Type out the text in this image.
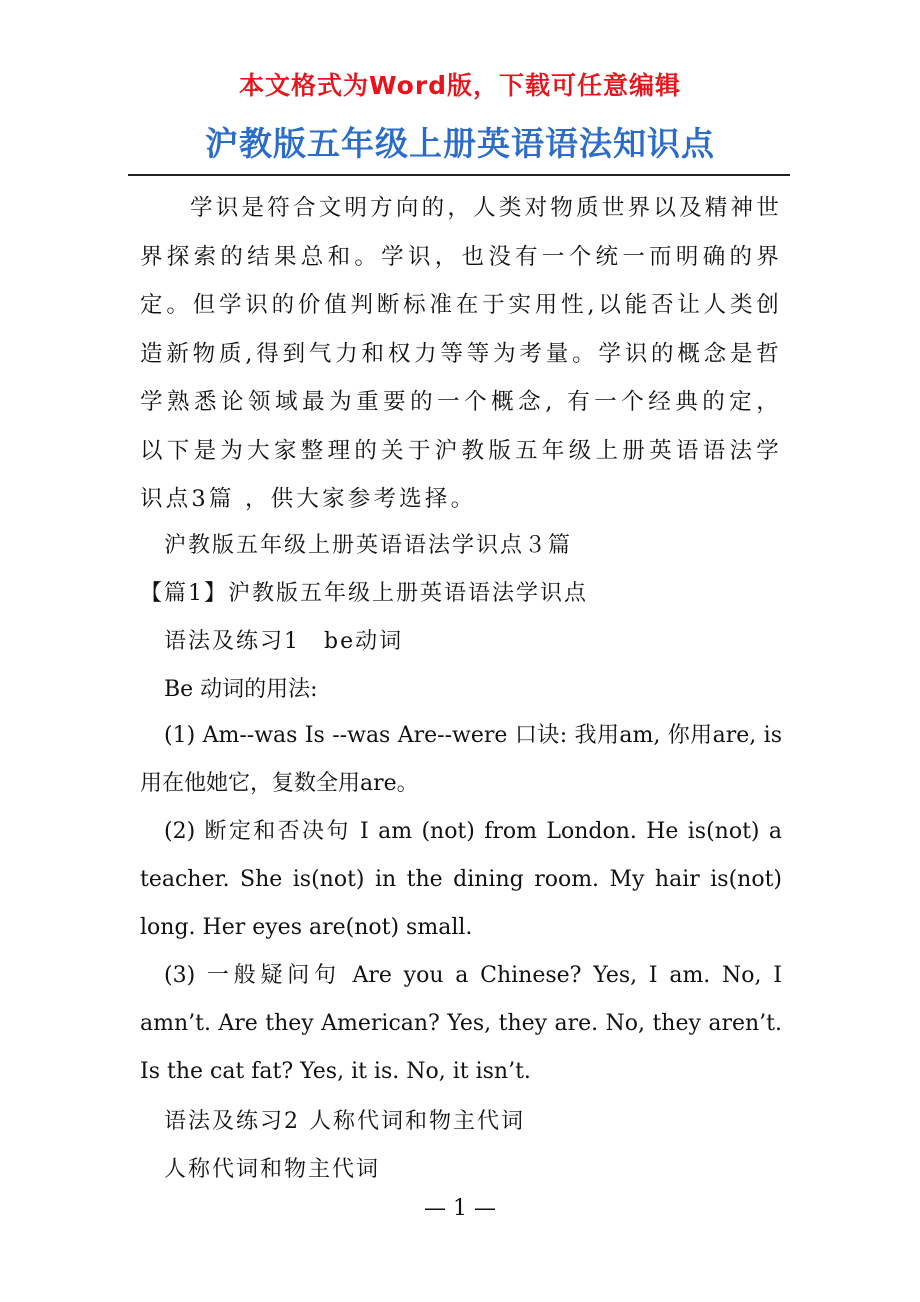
本文格式为Word版，下载可任意编辑
沪教版五年级上册英语语法知识点

学识是符合文明方向的，人类对物质世界以及精神世界探索的结果总和。学识，也没有一个统一而明确的界定。但学识的价值判断标准在于实用性,以能否让人类创造新物质,得到气力和权力等等为考量。学识的概念是哲学熟悉论领域最为重要的一个概念, 有一个经典的定， 以下是为大家整理的关于沪教版五年级上册英语语法学识点3篇 ，供大家参考选择。

沪教版五年级上册英语语法学识点３篇

【篇1】沪教版五年级上册英语语法学识点

语法及练习1　be动词

Be 动词的用法:

(1) Am--was Is --was Are--were 口诀: 我用am, 你用are, is用在他她它，复数全用are。

(2) 断定和否决句 I am (not) from London. He is(not) a teacher. She is(not) in the dining room. My hair is(not) long. Her eyes are(not) small.

(3) 一般疑问句 Are you a Chinese? Yes, I am. No, I amn’t. Are they American? Yes, they are. No, they aren’t. Is the cat fat? Yes, it is. No, it isn’t.

语法及练习2 人称代词和物主代词

人称代词和物主代词

— 1 —
